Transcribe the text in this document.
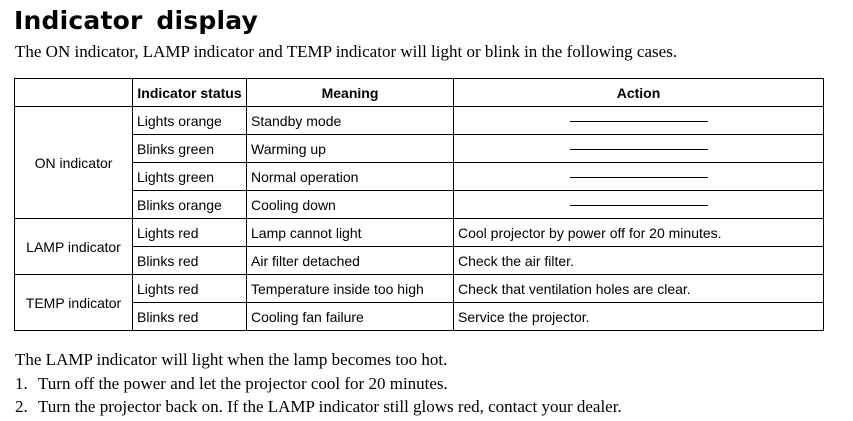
Indicator display

The ON indicator, LAMP indicator and TEMP indicator will light or blink in the following cases.

	Indicator status	Meaning	Action
ON indicator	Lights orange	Standby mode	
	Blinks green	Warming up	
	Lights green	Normal operation	
	Blinks orange	Cooling down	
LAMP indicator	Lights red	Lamp cannot light	Cool projector by power off for 20 minutes.
	Blinks red	Air filter detached	Check the air filter.
TEMP indicator	Lights red	Temperature inside too high	Check that ventilation holes are clear.
	Blinks red	Cooling fan failure	Service the projector.

The LAMP indicator will light when the lamp becomes too hot.

1. Turn off the power and let the projector cool for 20 minutes.

2. Turn the projector back on. If the LAMP indicator still glows red, contact your dealer.
